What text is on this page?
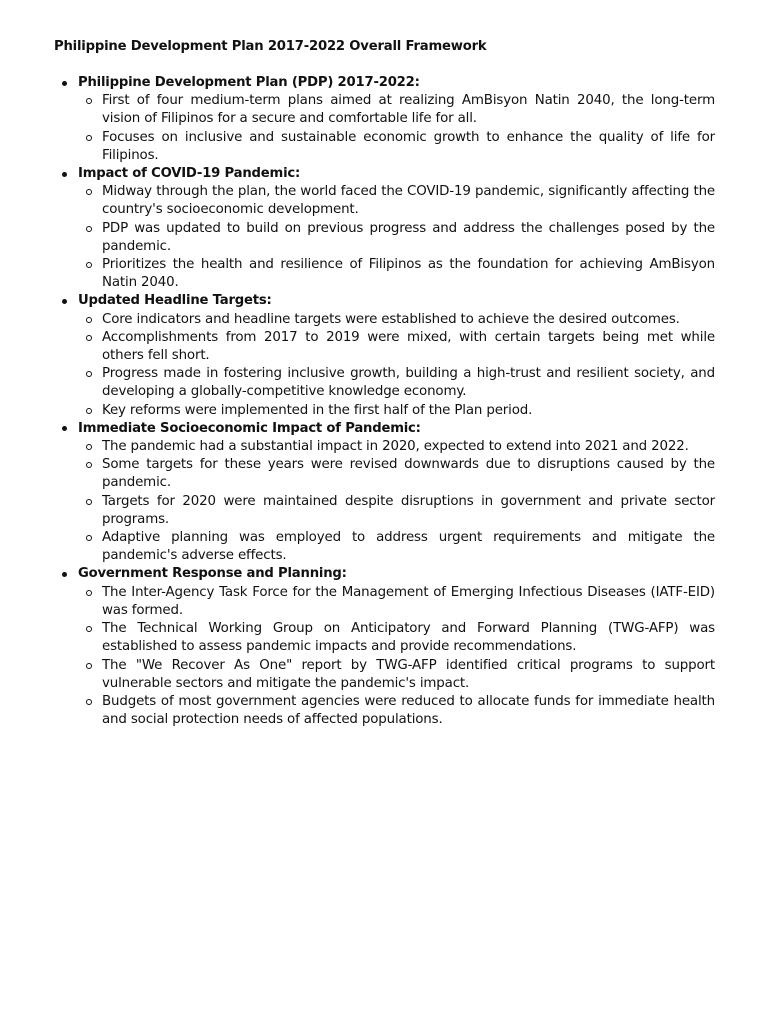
Philippine Development Plan 2017-2022 Overall Framework
Philippine Development Plan (PDP) 2017-2022:
First of four medium-term plans aimed at realizing AmBisyon Natin 2040, the long-term vision of Filipinos for a secure and comfortable life for all.
Focuses on inclusive and sustainable economic growth to enhance the quality of life for Filipinos.
Impact of COVID-19 Pandemic:
Midway through the plan, the world faced the COVID-19 pandemic, significantly affecting the country's socioeconomic development.
PDP was updated to build on previous progress and address the challenges posed by the pandemic.
Prioritizes the health and resilience of Filipinos as the foundation for achieving AmBisyon Natin 2040.
Updated Headline Targets:
Core indicators and headline targets were established to achieve the desired outcomes.
Accomplishments from 2017 to 2019 were mixed, with certain targets being met while others fell short.
Progress made in fostering inclusive growth, building a high-trust and resilient society, and developing a globally-competitive knowledge economy.
Key reforms were implemented in the first half of the Plan period.
Immediate Socioeconomic Impact of Pandemic:
The pandemic had a substantial impact in 2020, expected to extend into 2021 and 2022.
Some targets for these years were revised downwards due to disruptions caused by the pandemic.
Targets for 2020 were maintained despite disruptions in government and private sector programs.
Adaptive planning was employed to address urgent requirements and mitigate the pandemic's adverse effects.
Government Response and Planning:
The Inter-Agency Task Force for the Management of Emerging Infectious Diseases (IATF-EID) was formed.
The Technical Working Group on Anticipatory and Forward Planning (TWG-AFP) was established to assess pandemic impacts and provide recommendations.
The "We Recover As One" report by TWG-AFP identified critical programs to support vulnerable sectors and mitigate the pandemic's impact.
Budgets of most government agencies were reduced to allocate funds for immediate health and social protection needs of affected populations.
